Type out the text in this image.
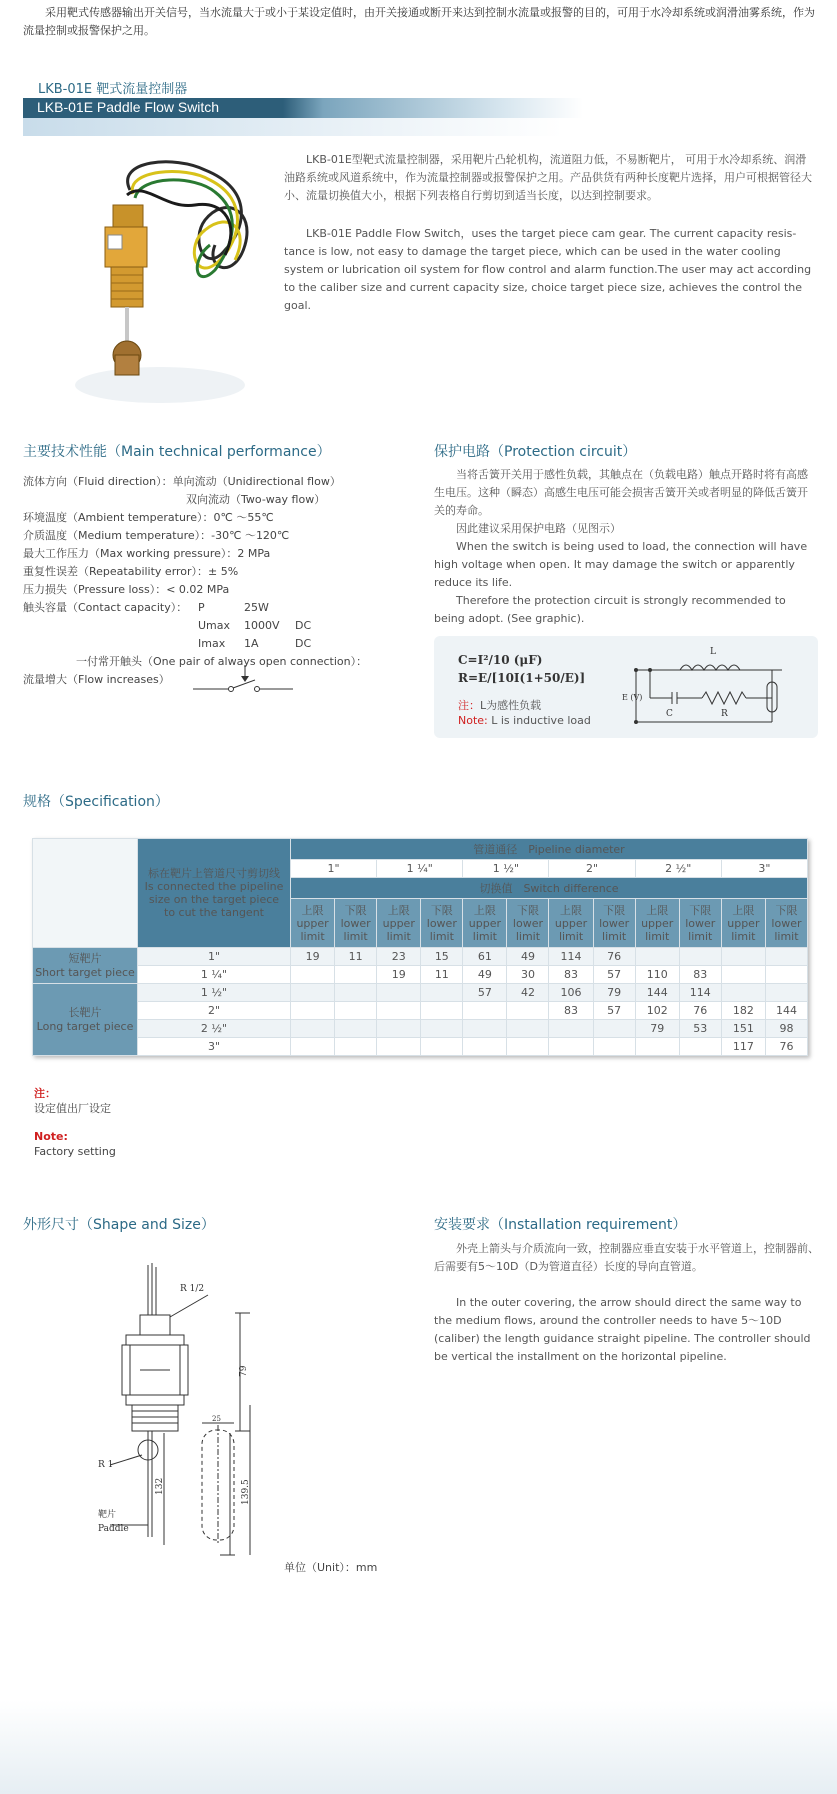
采用靶式传感器输出开关信号，当水流量大于或小于某设定值时，由开关接通或断开来达到控制水流量或报警的目的，可用于水冷却系统或润滑油雾系统，作为流量控制或报警保护之用。
LKB-01E 靶式流量控制器
LKB-01E Paddle Flow Switch
LKB-01E型靶式流量控制器，采用靶片凸轮机构，流道阻力低，不易断靶片， 可用于水冷却系统、润滑油路系统或风道系统中，作为流量控制器或报警保护之用。产品供货有两种长度靶片选择，用户可根据管径大小、流量切换值大小，根据下列表格自行剪切到适当长度，以达到控制要求。
LKB-01E Paddle Flow Switch，uses the target piece cam gear. The current capacity resis-tance is low, not easy to damage the target piece, which can be used in the water cooling system or lubrication oil system for flow control and alarm function.The user may act according to the caliber size and current capacity size, choice target piece size, achieves the control the goal.
主要技术性能（Main technical performance）
流体方向（Fluid direction）：单向流动（Unidirectional flow）
双向流动（Two-way flow）
环境温度（Ambient temperature）：0℃ ～55℃
介质温度（Medium temperature）：-30℃ ～120℃
最大工作压力（Max working pressure）：2 MPa
重复性误差（Repeatability error）：± 5%
压力损失（Pressure loss）：< 0.02 MPa
触头容量（Contact capacity）： P	25W
Umax 1000V DC
Imax 1A	DC
一付常开触头（One pair of always open connection）：
流量增大（Flow increases）
保护电路（Protection circuit）

当将舌簧开关用于感性负载，其触点在（负载电路）触点开路时将有高感生电压。这种（瞬态）高感生电压可能会损害舌簧开关或者明显的降低舌簧开关的寿命。

因此建议采用保护电路（见图示）

When the switch is being used to load, the connection will have high voltage when open. It may damage the switch or apparently reduce its life.

Therefore the protection circuit is strongly recommended to being adopt. (See graphic).

C=I²/10 (μF)
R=E/[10I(1+50/E)]
注：L为感性负载
Note: L is inductive load
L
C	R
E (V)
规格（Specification）

	标在靶片上管道尺寸剪切线
Is connected the pipeline size on the target piece to cut the tangent	管道通径　Pipeline diameter											
		1"		1 ¼"		1 ½"		2"		2 ½"		3"	
		切换值　Switch difference											
		上限 upper limit	下限 lower limit	上限 upper limit	下限 lower limit	上限 upper limit	下限 lower limit	上限 upper limit	下限 lower limit	上限 upper limit	下限 lower limit	上限 upper limit	下限 lower limit

短靶片
Short target piece	1"	19	11	23	15	61	49	114	76				
	1 ¼"			19	11	49	30	83	57	110	83		

长靶片
Long target piece	1 ½"					57	42	106	79	144	114		
	2"							83	57	102	76	182	144
	2 ½"									79	53	151	98
	3"											117	76
注：
设定值出厂设定
Note:
Factory setting
外形尺寸（Shape and Size）
R 1/2
R 1
靶片
Paddle
79
132	139.5
25
单位（Unit）：mm
安装要求（Installation requirement）

外壳上箭头与介质流向一致，控制器应垂直安装于水平管道上，控制器前、后需要有5～10D（D为管道直径）长度的导向直管道。

In the outer covering, the arrow should direct the same way to the medium flows, around the controller needs to have 5～10D (caliber) the length guidance straight pipeline. The controller should be vertical the installment on the horizontal pipeline.
